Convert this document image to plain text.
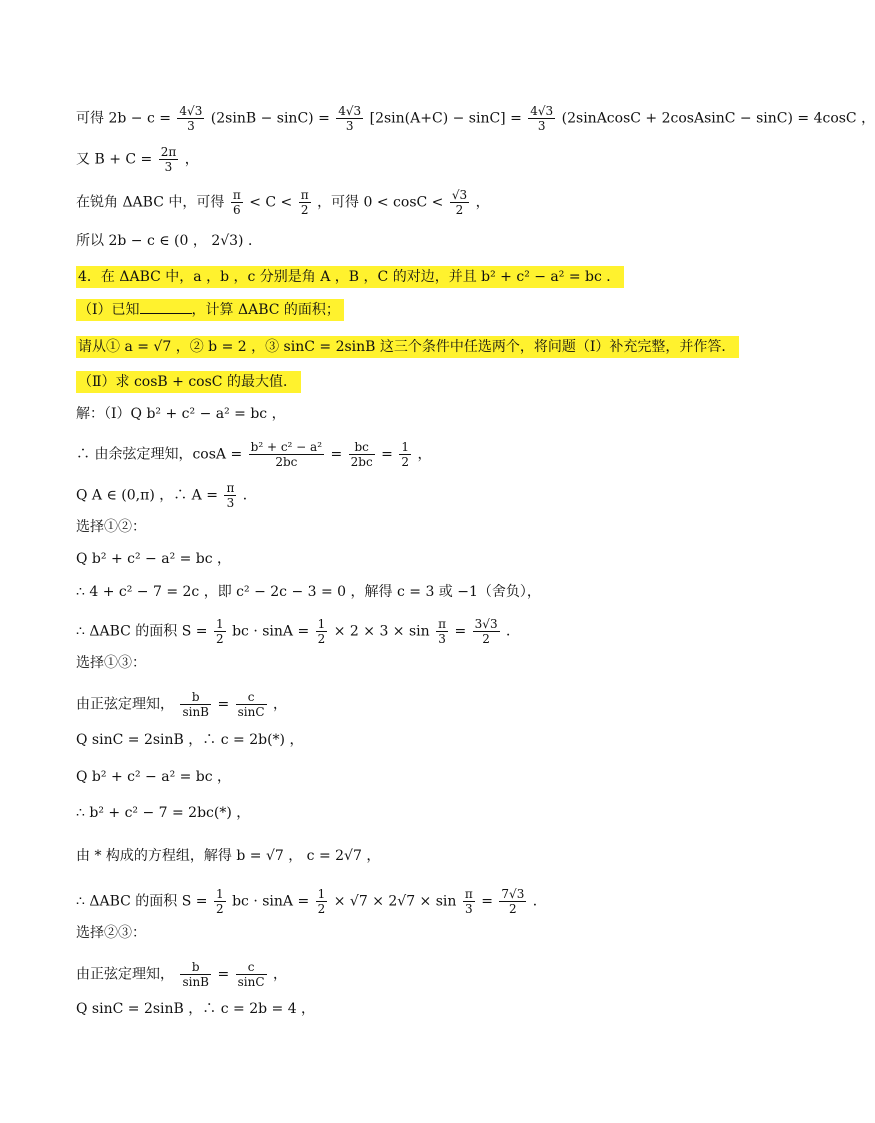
可得 $2b - c = \frac{4√3}{3} (2\sin B - \sin C) = \frac{4√3}{3} [2\sin(A+C) - \sin C] = \frac{4√3}{3}$ (2sinAcosC + 2cosAsinC − sinC) = 4cosC ，
又 $B + C = \frac{2\pi}{3}$ ，
在锐角 ΔABC 中，可得 $\frac{\pi}{6} < C < \frac{\pi}{2}$ ，可得 $0 < \cos C < \frac{√3}{2}$ ，
所以 2b − c ∈ (0 ， 2√3) ．
4．在 ΔABC 中，a ，b ，c 分别是角 A ，B ，C 的对边，并且 b² + c² − a² = bc ．
（Ⅰ）已知	，计算 ΔABC 的面积；
请从① a = √7 ，② b = 2 ，③ sinC = 2sinB 这三个条件中任选两个，将问题（Ⅰ）补充完整，并作答．
（Ⅱ）求 cosB + cosC 的最大值．
解：（Ⅰ）Q b² + c² − a² = bc ，
∴ 由余弦定理知，$\cos A = \frac{\text{b² + c² − a²}}{2bc} = \frac{bc}{2bc} = \frac{1}{2}$ ，
Q A ∈ (0,π) ，∴ $A = \frac{\pi}{3}$ ．
选择①②：
Q b² + c² − a² = bc ，
∴ 4 + c² − 7 = 2c ，即 c² − 2c − 3 = 0 ，解得 c = 3 或 −1（舍负），
∴ ΔABC 的面积 $S = \frac{1}{2}$ bc · $\sin A = \frac{1}{2} \times 2 \times 3 \times \sin \frac{\pi}{3} = \frac{3√3}{2}$ ．
选择①③：
由正弦定理知， $\frac{b}{\sin B} = \frac{c}{\sin C}$ ，
Q sinC = 2sinB ，∴ c = 2b(*) ，
Q b² + c² − a² = bc ，
∴ b² + c² − 7 = 2bc(*) ，
由 * 构成的方程组，解得 b = √7 ， c = 2√7 ，
∴ ΔABC 的面积 $S = \frac{1}{2}$ bc · $\sin A = \frac{1}{2} \times √7 \times 2√7 \times \sin \frac{\pi}{3} = \frac{7√3}{2}$ ．
选择②③：
由正弦定理知， $\frac{b}{\sin B} = \frac{c}{\sin C}$ ，
Q sinC = 2sinB ，∴ c = 2b = 4 ，
